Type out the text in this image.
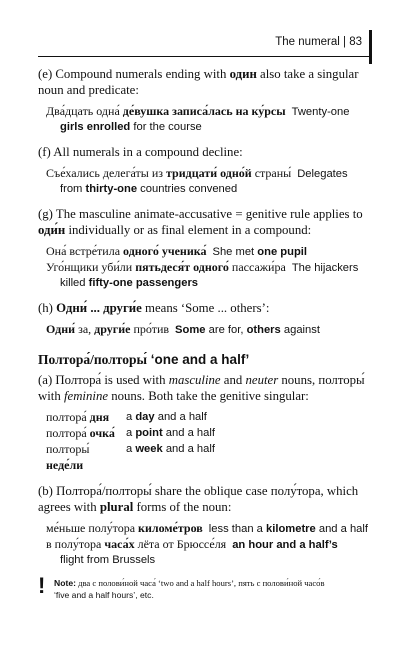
The numeral | 83

(e) Compound numerals ending with один also take a singular noun and predicate:

Два́дцать одна́ де́вушка записа́лась на ку́рсы Twenty-one
girls enrolled for the course

(f) All numerals in a compound decline:

Съе́хались делега́ты из тридцати́ одно́й страны́ Delegates
from thirty-one countries convened

(g) The masculine animate-accusative = genitive rule applies to оди́н individually or as final element in a compound:

Она́ встре́тила одного́ ученика́ She met one pupil
Уго́нщики уби́ли пятьдеся́т одного́ пассажи́ра The hijackers
killed fifty-one passengers

(h) Одни́ ... други́е means ‘Some ... others’:

Одни́ за, други́е про́тив Some are for, others against
Полтора́/полторы́ ‘one and a half’

(a) Полтора́ is used with masculine and neuter nouns, полторы́ with feminine nouns. Both take the genitive singular:

полтора́ дня	a day and a half
полтора́ очка́ a point and a half
полторы́ неде́ли
a week and a half

(b) Полтора́/полторы́ share the oblique case полу́тора, which agrees with plural forms of the noun:

ме́ньше полу́тора киломе́тров less than a kilometre and a half
в полу́тора часа́х лёта от Брюссе́ля an hour and a half’s
flight from Brussels
! Note: два с полови́ной часа́ ‘two and a half hours’, пять с полови́ной часо́в
‘five and a half hours’, etc.
